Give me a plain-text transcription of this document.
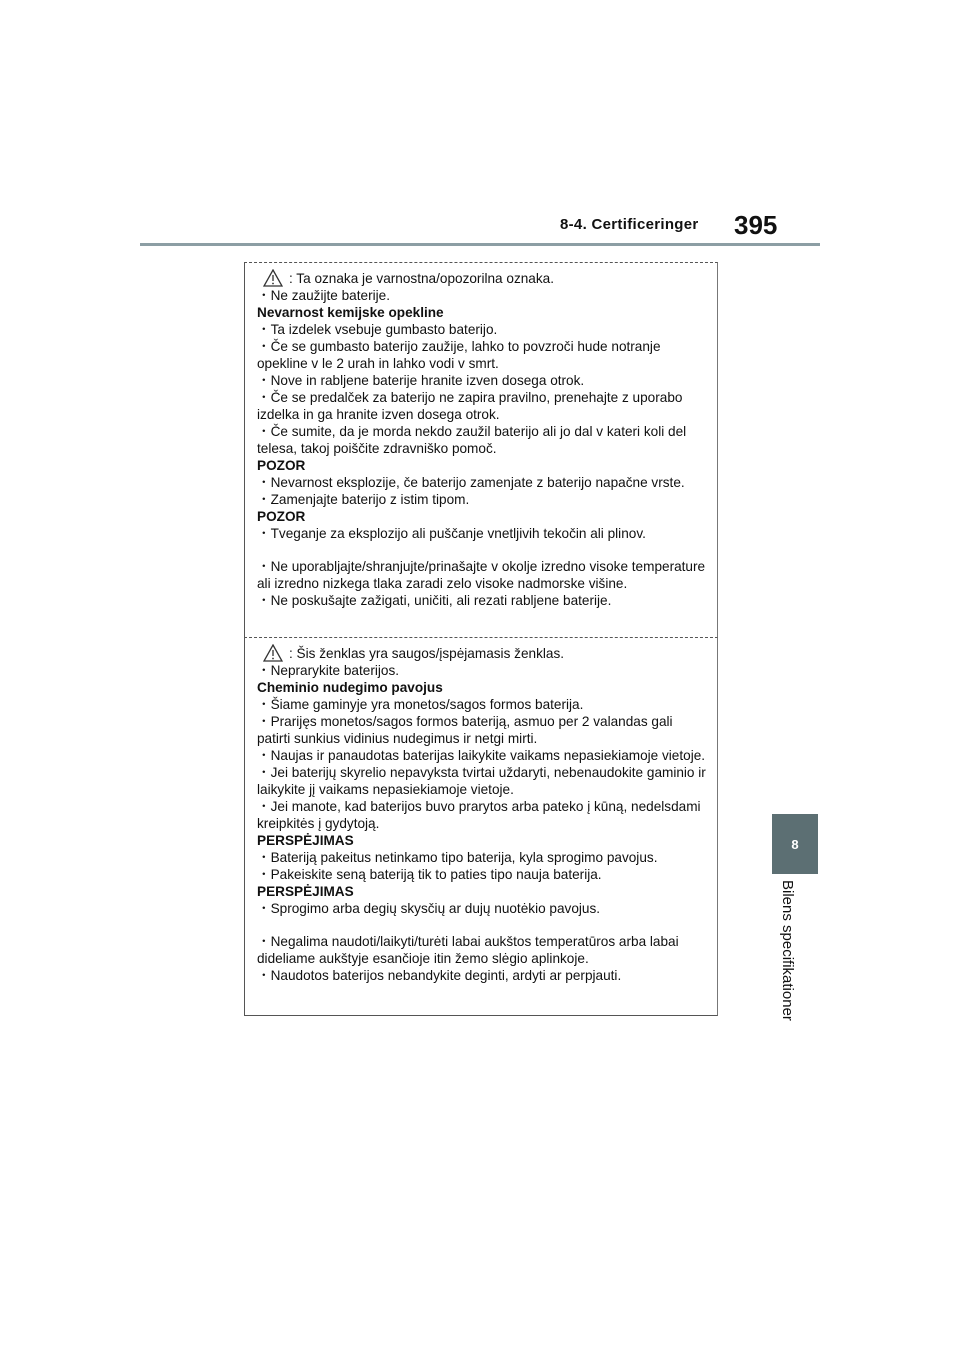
8-4. Certificeringer 395
8
Bilens specifikationer
: Ta oznaka je varnostna/opozorilna oznaka.
・Ne zaužijte baterije.
Nevarnost kemijske opekline
・Ta izdelek vsebuje gumbasto baterijo.
・Če se gumbasto baterijo zaužije, lahko to povzroči hude notranje
opekline v le 2 urah in lahko vodi v smrt.
・Nove in rabljene baterije hranite izven dosega otrok.
・Če se predalček za baterijo ne zapira pravilno, prenehajte z uporabo
izdelka in ga hranite izven dosega otrok.
・Če sumite, da je morda nekdo zaužil baterijo ali jo dal v kateri koli del
telesa, takoj poiščite zdravniško pomoč.
POZOR
・Nevarnost eksplozije, če baterijo zamenjate z baterijo napačne vrste.
・Zamenjajte baterijo z istim tipom.
POZOR
・Tveganje za eksplozijo ali puščanje vnetljivih tekočin ali plinov.
・Ne uporabljajte/shranjujte/prinašajte v okolje izredno visoke temperature
ali izredno nizkega tlaka zaradi zelo visoke nadmorske višine.
・Ne poskušajte zažigati, uničiti, ali rezati rabljene baterije.
: Šis ženklas yra saugos/įspėjamasis ženklas.
・Neprarykite baterijos.
Cheminio nudegimo pavojus
・Šiame gaminyje yra monetos/sagos formos baterija.
・Prarijęs monetos/sagos formos bateriją, asmuo per 2 valandas gali
patirti sunkius vidinius nudegimus ir netgi mirti.
・Naujas ir panaudotas baterijas laikykite vaikams nepasiekiamoje vietoje.
・Jei baterijų skyrelio nepavyksta tvirtai uždaryti, nebenaudokite gaminio ir
laikykite jį vaikams nepasiekiamoje vietoje.
・Jei manote, kad baterijos buvo prarytos arba pateko į kūną, nedelsdami
kreipkitės į gydytoją.
PERSPĖJIMAS
・Bateriją pakeitus netinkamo tipo baterija, kyla sprogimo pavojus.
・Pakeiskite seną bateriją tik to paties tipo nauja baterija.
PERSPĖJIMAS
・Sprogimo arba degių skysčių ar dujų nuotėkio pavojus.
・Negalima naudoti/laikyti/turėti labai aukštos temperatūros arba labai
dideliame aukštyje esančioje itin žemo slėgio aplinkoje.
・Naudotos baterijos nebandykite deginti, ardyti ar perpjauti.
